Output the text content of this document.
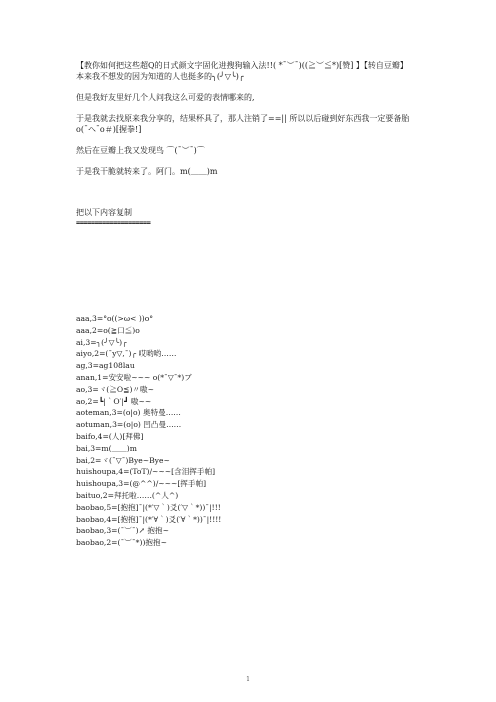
【教你如何把这些超Q的日式颜文字固化进搜狗输入法!!( *¯︶¯)((≧︶≦*)[赞] 】【转自豆瓣】

本来我不想发的因为知道的人也挺多的╮(╯▽╰)╭

但是我好友里好几个人问我这么可爱的表情哪来的,

于是我就去找原来我分享的，结果杯具了，那人注销了==|| 所以以后碰到好东西我一定要备胎 o(¯ヘ¯o＃)[握拳!]

然后在豆瓣上我又发现鸟 ⌒(¯︶¯)⌒

于是我干脆就转来了。阿门。m(＿＿)m

把以下内容复制

====================
aaa,3=°o((>ω< ))o°
aaa,2=o(≧口≦)o
ai,3=╮(╯▽╰)╭
aiyo,2=(¯y▽,¯)╭ 哎哟哟……
ag,3=ag108lau
anan,1=安安啦~~~ o(*¯▽¯*)ブ
ao,3=ヾ(≧O≦)〃嗷~
ao,2=┗|｀O′|┛ 嗷~~
aoteman,3=(o|o) 奥特曼……
aotuman,3=(o|o) 凹凸曼……
baifo,4=(人)[拜佛]
bai,3=m(＿＿)m
bai,2=ヾ(¯▽¯)Bye~Bye~
huishoupa,4=(ToT)/~~~[含泪挥手帕]
huishoupa,3=(@^^)/~~~[挥手帕]
baituo,2=拜托啦……(^人^)
baobao,5=[抱抱]¯|(*′▽｀)爻(′▽｀*))¯|!!!
baobao,4=[抱抱]¯|(*′∀｀)爻(′∀｀*))¯|!!!!
baobao,3=(¯︶¯)↗ 抱抱~
baobao,2=(¯︶¯*))抱抱~
1
